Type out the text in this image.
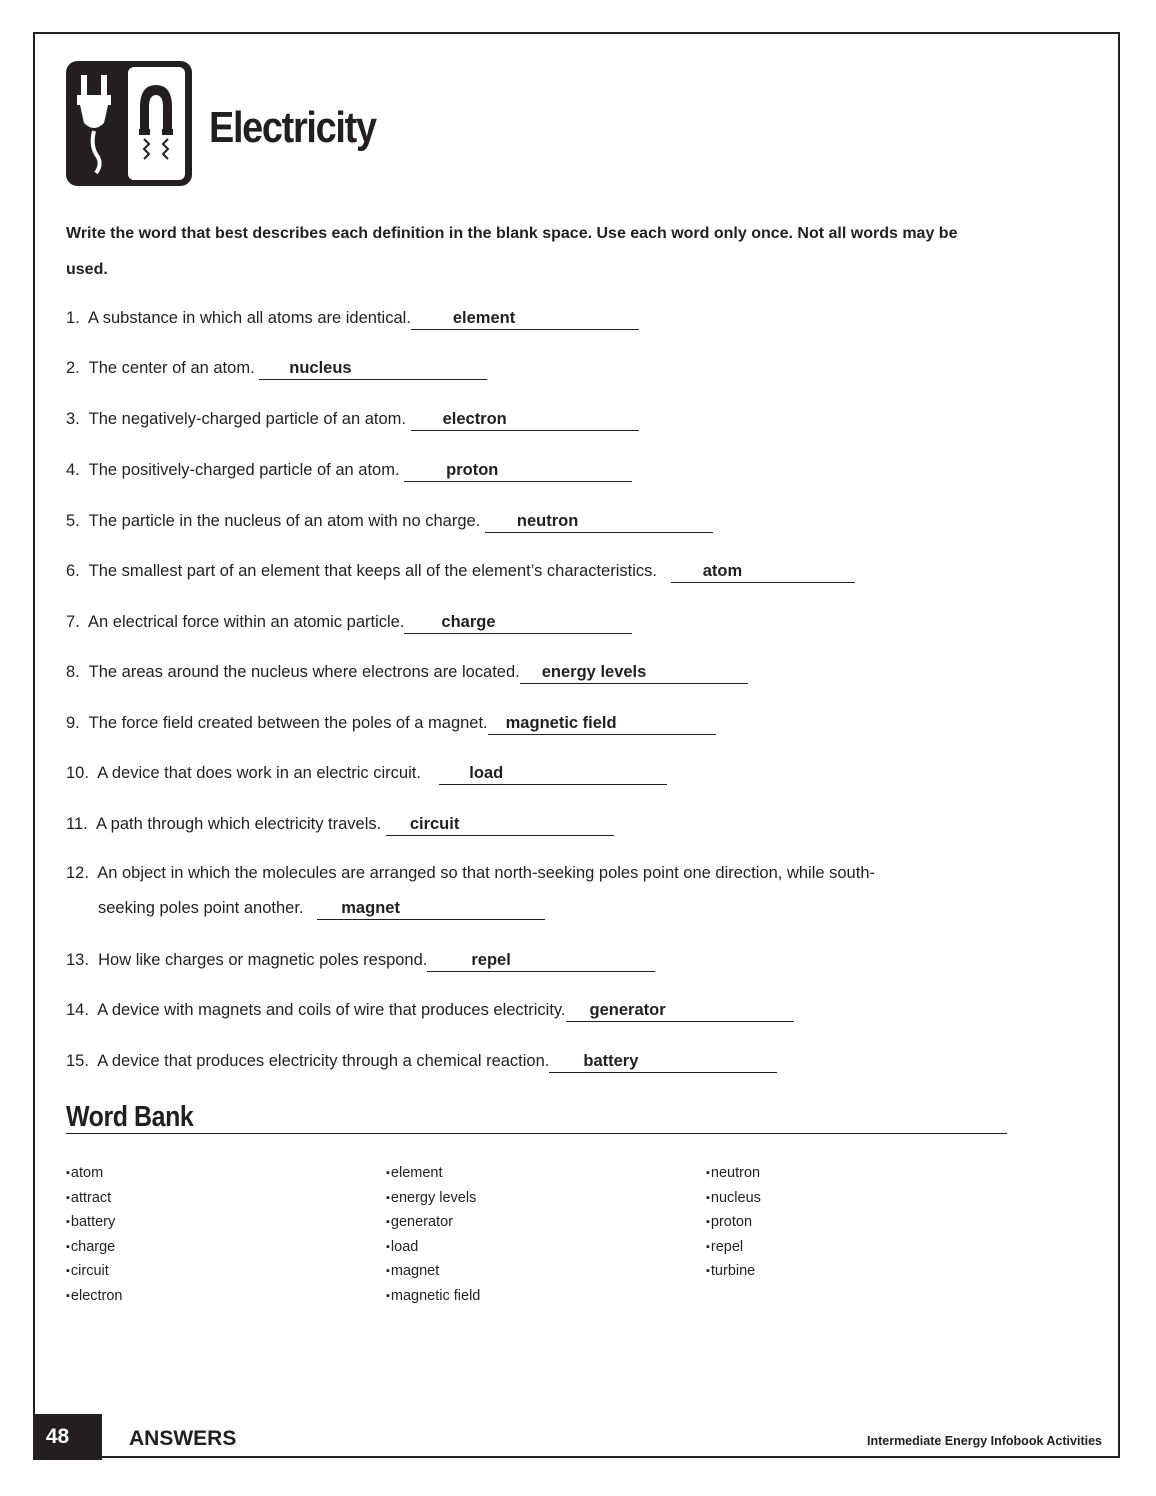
Electricity

Write the word that best describes each definition in the blank space. Use each word only once. Not all words may be used.

1. A substance in which all atoms are identical.	element
2. The center of an atom. nucleus
3. The negatively-charged particle of an atom. electron
4. The positively-charged particle of an atom.	proton
5. The particle in the nucleus of an atom with no charge. neutron
6. The smallest part of an element that keeps all of the element’s characteristics.	atom
7. An electrical force within an atomic particle. charge
8. The areas around the nucleus where electrons are located. energy levels
9. The force field created between the poles of a magnet. magnetic field
10. A device that does work in an electric circuit.	load
11. A path through which electricity travels. circuit
12. An object in which the molecules are arranged so that north-seeking poles point one direction, while south-
seeking poles point another. magnet
13. How like charges or magnetic poles respond.	repel
14. A device with magnets and coils of wire that produces electricity. generator
15. A device that produces electricity through a chemical reaction. battery
Word Bank
▪ atom
▪ attract
▪ battery
▪ charge
▪ circuit
▪ electron
▪ element
▪ energy levels
▪ generator
▪ load
▪ magnet
▪ magnetic field
▪ neutron
▪ nucleus
▪ proton
▪ repel
▪ turbine
48	ANSWERS	Intermediate Energy Infobook Activities
